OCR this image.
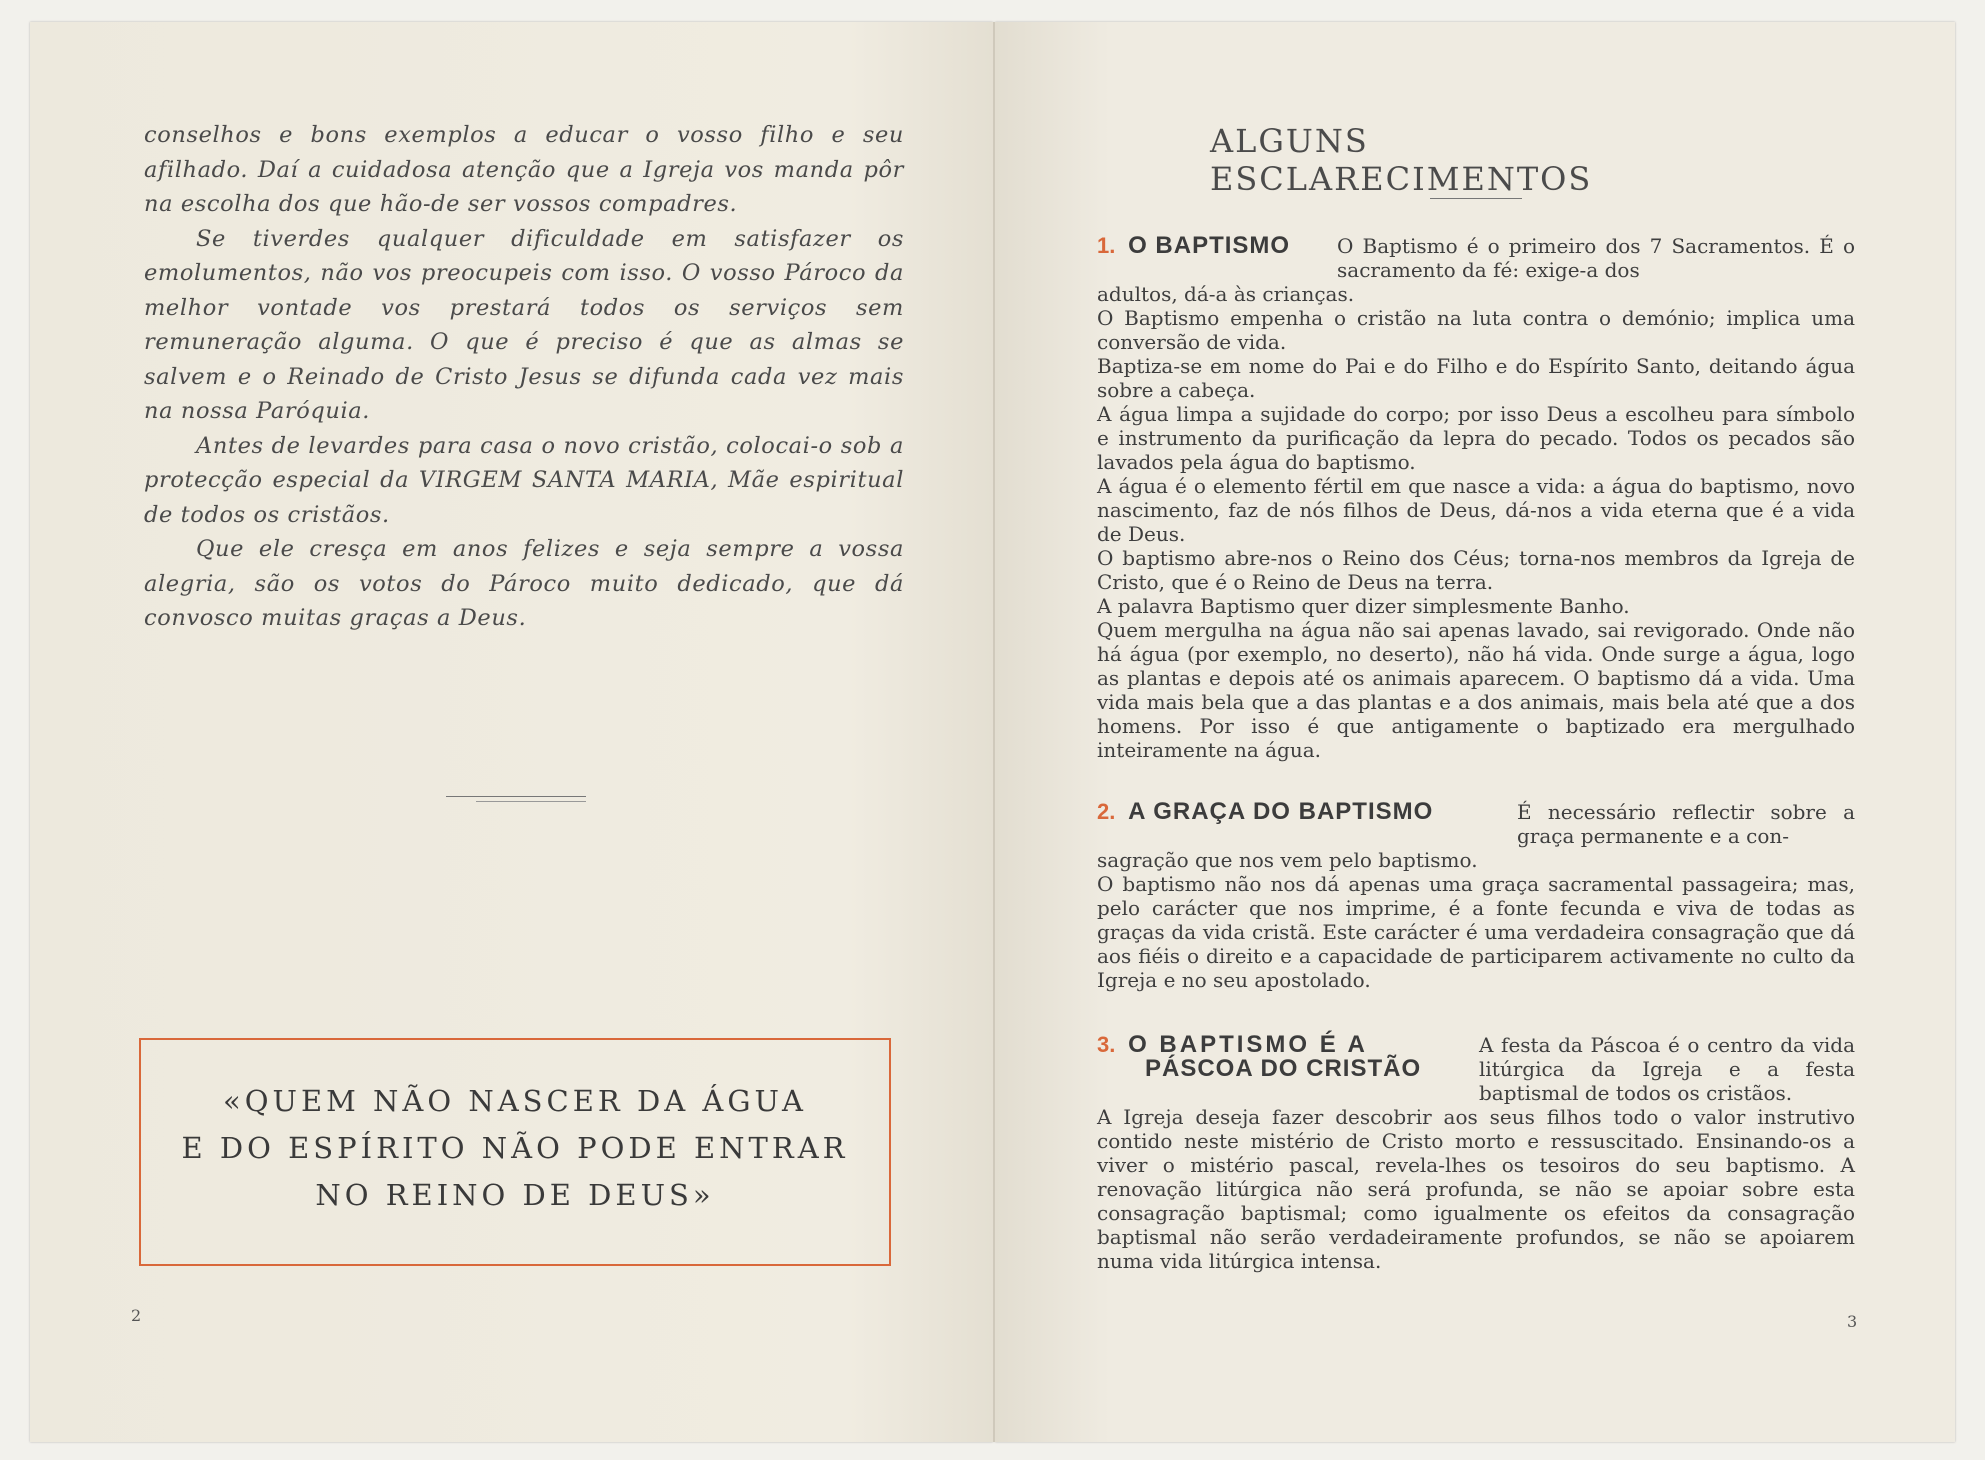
conselhos e bons exemplos a educar o vosso filho e seu afilhado. Daí a cuidadosa atenção que a Igreja vos manda pôr na escolha dos que hão-de ser vossos compadres.

Se tiverdes qualquer dificuldade em satisfazer os emolumentos, não vos preocupeis com isso. O vosso Pároco da melhor vontade vos prestará todos os serviços sem remuneração alguma. O que é preciso é que as almas se salvem e o Reinado de Cristo Jesus se difunda cada vez mais na nossa Paróquia.

Antes de levardes para casa o novo cristão, colocai-o sob a protecção especial da VIRGEM SANTA MARIA, Mãe espiritual de todos os cristãos.

Que ele cresça em anos felizes e seja sempre a vossa alegria, são os votos do Pároco muito dedicado, que dá convosco muitas graças a Deus.

«QUEM NÃO NASCER DA ÁGUA
E DO ESPÍRITO NÃO PODE ENTRAR
NO REINO DE DEUS»
2
ALGUNS ESCLARECIMENTOS
1. O BAPTISMO	O Baptismo é o primeiro dos 7 Sacramentos. É o sacramento da fé: exige-a dos

adultos, dá-a às crianças.

O Baptismo empenha o cristão na luta contra o demónio; implica uma conversão de vida.

Baptiza-se em nome do Pai e do Filho e do Espírito Santo, deitando água sobre a cabeça.

A água limpa a sujidade do corpo; por isso Deus a escolheu para símbolo e instrumento da purificação da lepra do pecado. Todos os pecados são lavados pela água do baptismo.

A água é o elemento fértil em que nasce a vida: a água do baptismo, novo nascimento, faz de nós filhos de Deus, dá-nos a vida eterna que é a vida de Deus.

O baptismo abre-nos o Reino dos Céus; torna-nos membros da Igreja de Cristo, que é o Reino de Deus na terra.

A palavra Baptismo quer dizer simplesmente Banho.

Quem mergulha na água não sai apenas lavado, sai revigorado. Onde não há água (por exemplo, no deserto), não há vida. Onde surge a água, logo as plantas e depois até os animais aparecem. O baptismo dá a vida. Uma vida mais bela que a das plantas e a dos animais, mais bela até que a dos homens. Por isso é que antigamente o baptizado era mergulhado inteiramente na água.

2. A GRAÇA DO BAPTISMO	É necessário reflectir sobre a graça permanente e a con-

sagração que nos vem pelo baptismo.

O baptismo não nos dá apenas uma graça sacramental passageira; mas, pelo carácter que nos imprime, é a fonte fecunda e viva de todas as graças da vida cristã. Este carácter é uma verdadeira consagração que dá aos fiéis o direito e a capacidade de participarem activamente no culto da Igreja e no seu apostolado.

3. O BAPTISMO É A
PÁSCOA DO CRISTÃO
A festa da Páscoa é o centro da vida litúrgica da Igreja e a festa baptismal de todos os cristãos.

A Igreja deseja fazer descobrir aos seus filhos todo o valor instrutivo contido neste mistério de Cristo morto e ressuscitado. Ensinando-os a viver o mistério pascal, revela-lhes os tesoiros do seu baptismo. A renovação litúrgica não será profunda, se não se apoiar sobre esta consagração baptismal; como igualmente os efeitos da consagração baptismal não serão verdadeiramente profundos, se não se apoiarem numa vida litúrgica intensa.

3
